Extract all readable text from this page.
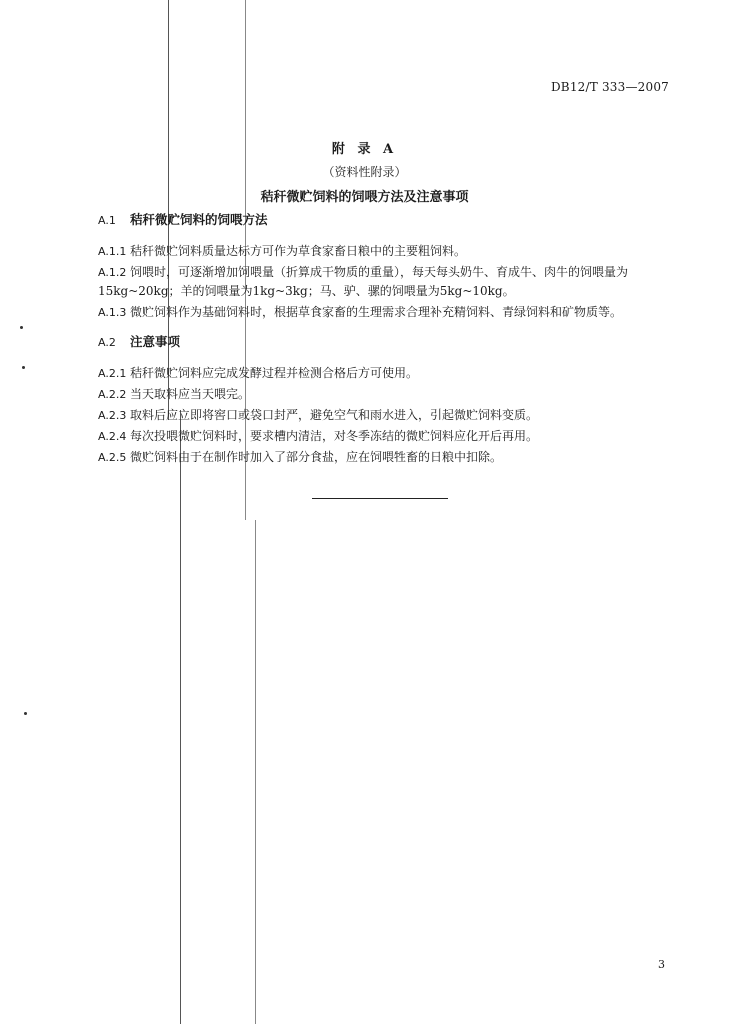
DB12/T 333—2007
附 录 A
（资料性附录）
秸秆微贮饲料的饲喂方法及注意事项
A.1 秸秆微贮饲料的饲喂方法
A.1.1 秸秆微贮饲料质量达标方可作为草食家畜日粮中的主要粗饲料。
A.1.2 饲喂时，可逐渐增加饲喂量（折算成干物质的重量），每天每头奶牛、育成牛、肉牛的饲喂量为15kg~20kg；羊的饲喂量为1kg~3kg；马、驴、骡的饲喂量为5kg~10kg。
A.1.3 微贮饲料作为基础饲料时，根据草食家畜的生理需求合理补充精饲料、青绿饲料和矿物质等。
A.2 注意事项
A.2.1 秸秆微贮饲料应完成发酵过程并检测合格后方可使用。
A.2.2 当天取料应当天喂完。
A.2.3 取料后应立即将窖口或袋口封严，避免空气和雨水进入，引起微贮饲料变质。
A.2.4 每次投喂微贮饲料时，要求槽内清洁，对冬季冻结的微贮饲料应化开后再用。
A.2.5 微贮饲料由于在制作时加入了部分食盐，应在饲喂牲畜的日粮中扣除。
3
